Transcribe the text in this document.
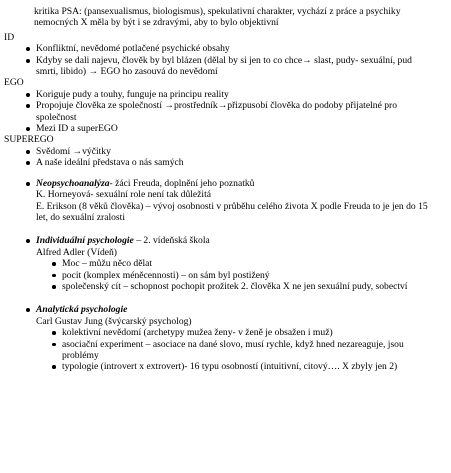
kritika PSA: (pansexualismus, biologismus), spekulativní charakter, vychází z práce a psychiky nemocných X měla by být i se zdravými, aby to bylo objektivní
ID
Konfliktní, nevědomé potlačené psychické obsahy
Kdyby se dali najevu, člověk by byl blázen (dělal by si jen to co chce→ slast, pudy- sexuální, pud smrti, libido) → EGO ho zasouvá do nevědomí
EGO
Koriguje pudy a touhy, funguje na principu reality
Propojuje člověka ze společností →prostředník→přizpusobí člověka do podoby přijatelné pro společnost
Mezi ID a superEGO
SUPEREGO
Svědomí →výčitky
A naše ideální představa o nás samých
Neopsychoanalýza- žáci Freuda, doplnění jeho poznatků
K. Horneyová- sexuální role není tak důležitá
E. Erikson (8 věků člověka) – vývoj osobnosti v průběhu celého života X podle Freuda to je jen do 15 let, do sexuální zralosti
Individuální psychologie – 2. vídeňská škola
Alfred Adler (Vídeň)
Moc – můžu něco dělat
pocit (komplex méněcennosti) – on sám byl postižený
společenský cít – schopnost pochopit prožitek 2. člověka X ne jen sexuální pudy, sobectví
Analytická psychologie
Carl Gustav Jung (švýcarský psycholog)
kolektivní nevědomí (archetypy mužea ženy- v ženě je obsažen i muž)
asociační experiment – asociace na dané slovo, musí rychle, když hned nezareaguje, jsou problémy
typologie (introvert x extrovert)- 16 typu osobností (intuitivní, citový…. X zbyly jen 2)
